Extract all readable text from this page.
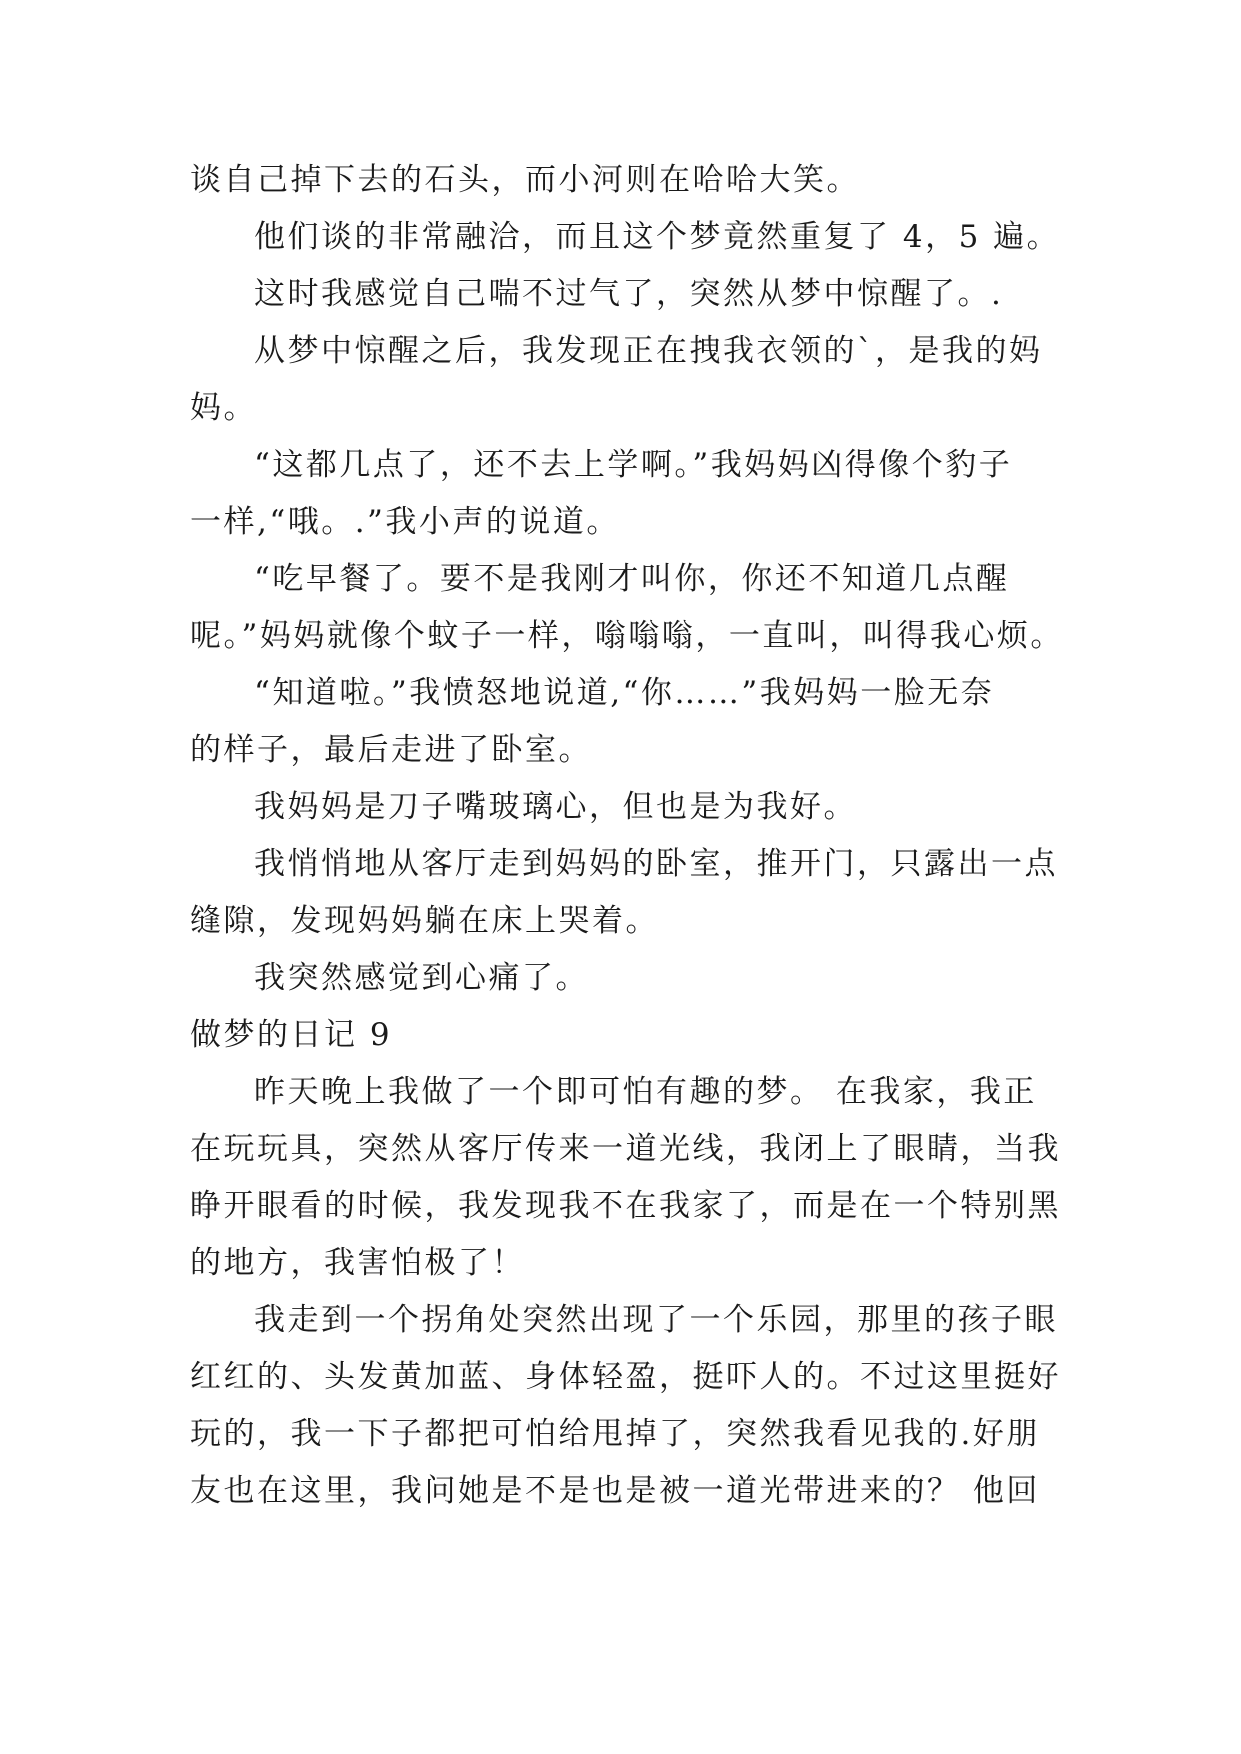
谈自己掉下去的石头，而小河则在哈哈大笑。
他们谈的非常融洽，而且这个梦竟然重复了 4，5 遍。
这时我感觉自己喘不过气了，突然从梦中惊醒了。.
从梦中惊醒之后，我发现正在拽我衣领的`，是我的妈
妈。
“这都几点了，还不去上学啊。”我妈妈凶得像个豹子
一样,“哦。.”我小声的说道。
“吃早餐了。要不是我刚才叫你，你还不知道几点醒
呢。”妈妈就像个蚊子一样，嗡嗡嗡，一直叫，叫得我心烦。
“知道啦。”我愤怒地说道,“你……”我妈妈一脸无奈
的样子，最后走进了卧室。
我妈妈是刀子嘴玻璃心，但也是为我好。
我悄悄地从客厅走到妈妈的卧室，推开门，只露出一点
缝隙，发现妈妈躺在床上哭着。
我突然感觉到心痛了。
做梦的日记 9
昨天晚上我做了一个即可怕有趣的梦。 在我家，我正
在玩玩具，突然从客厅传来一道光线，我闭上了眼睛，当我
睁开眼看的时候，我发现我不在我家了，而是在一个特别黑
的地方，我害怕极了！
我走到一个拐角处突然出现了一个乐园，那里的孩子眼
红红的、头发黄加蓝、身体轻盈，挺吓人的。不过这里挺好
玩的，我一下子都把可怕给甩掉了，突然我看见我的.好朋
友也在这里，我问她是不是也是被一道光带进来的？ 他回
